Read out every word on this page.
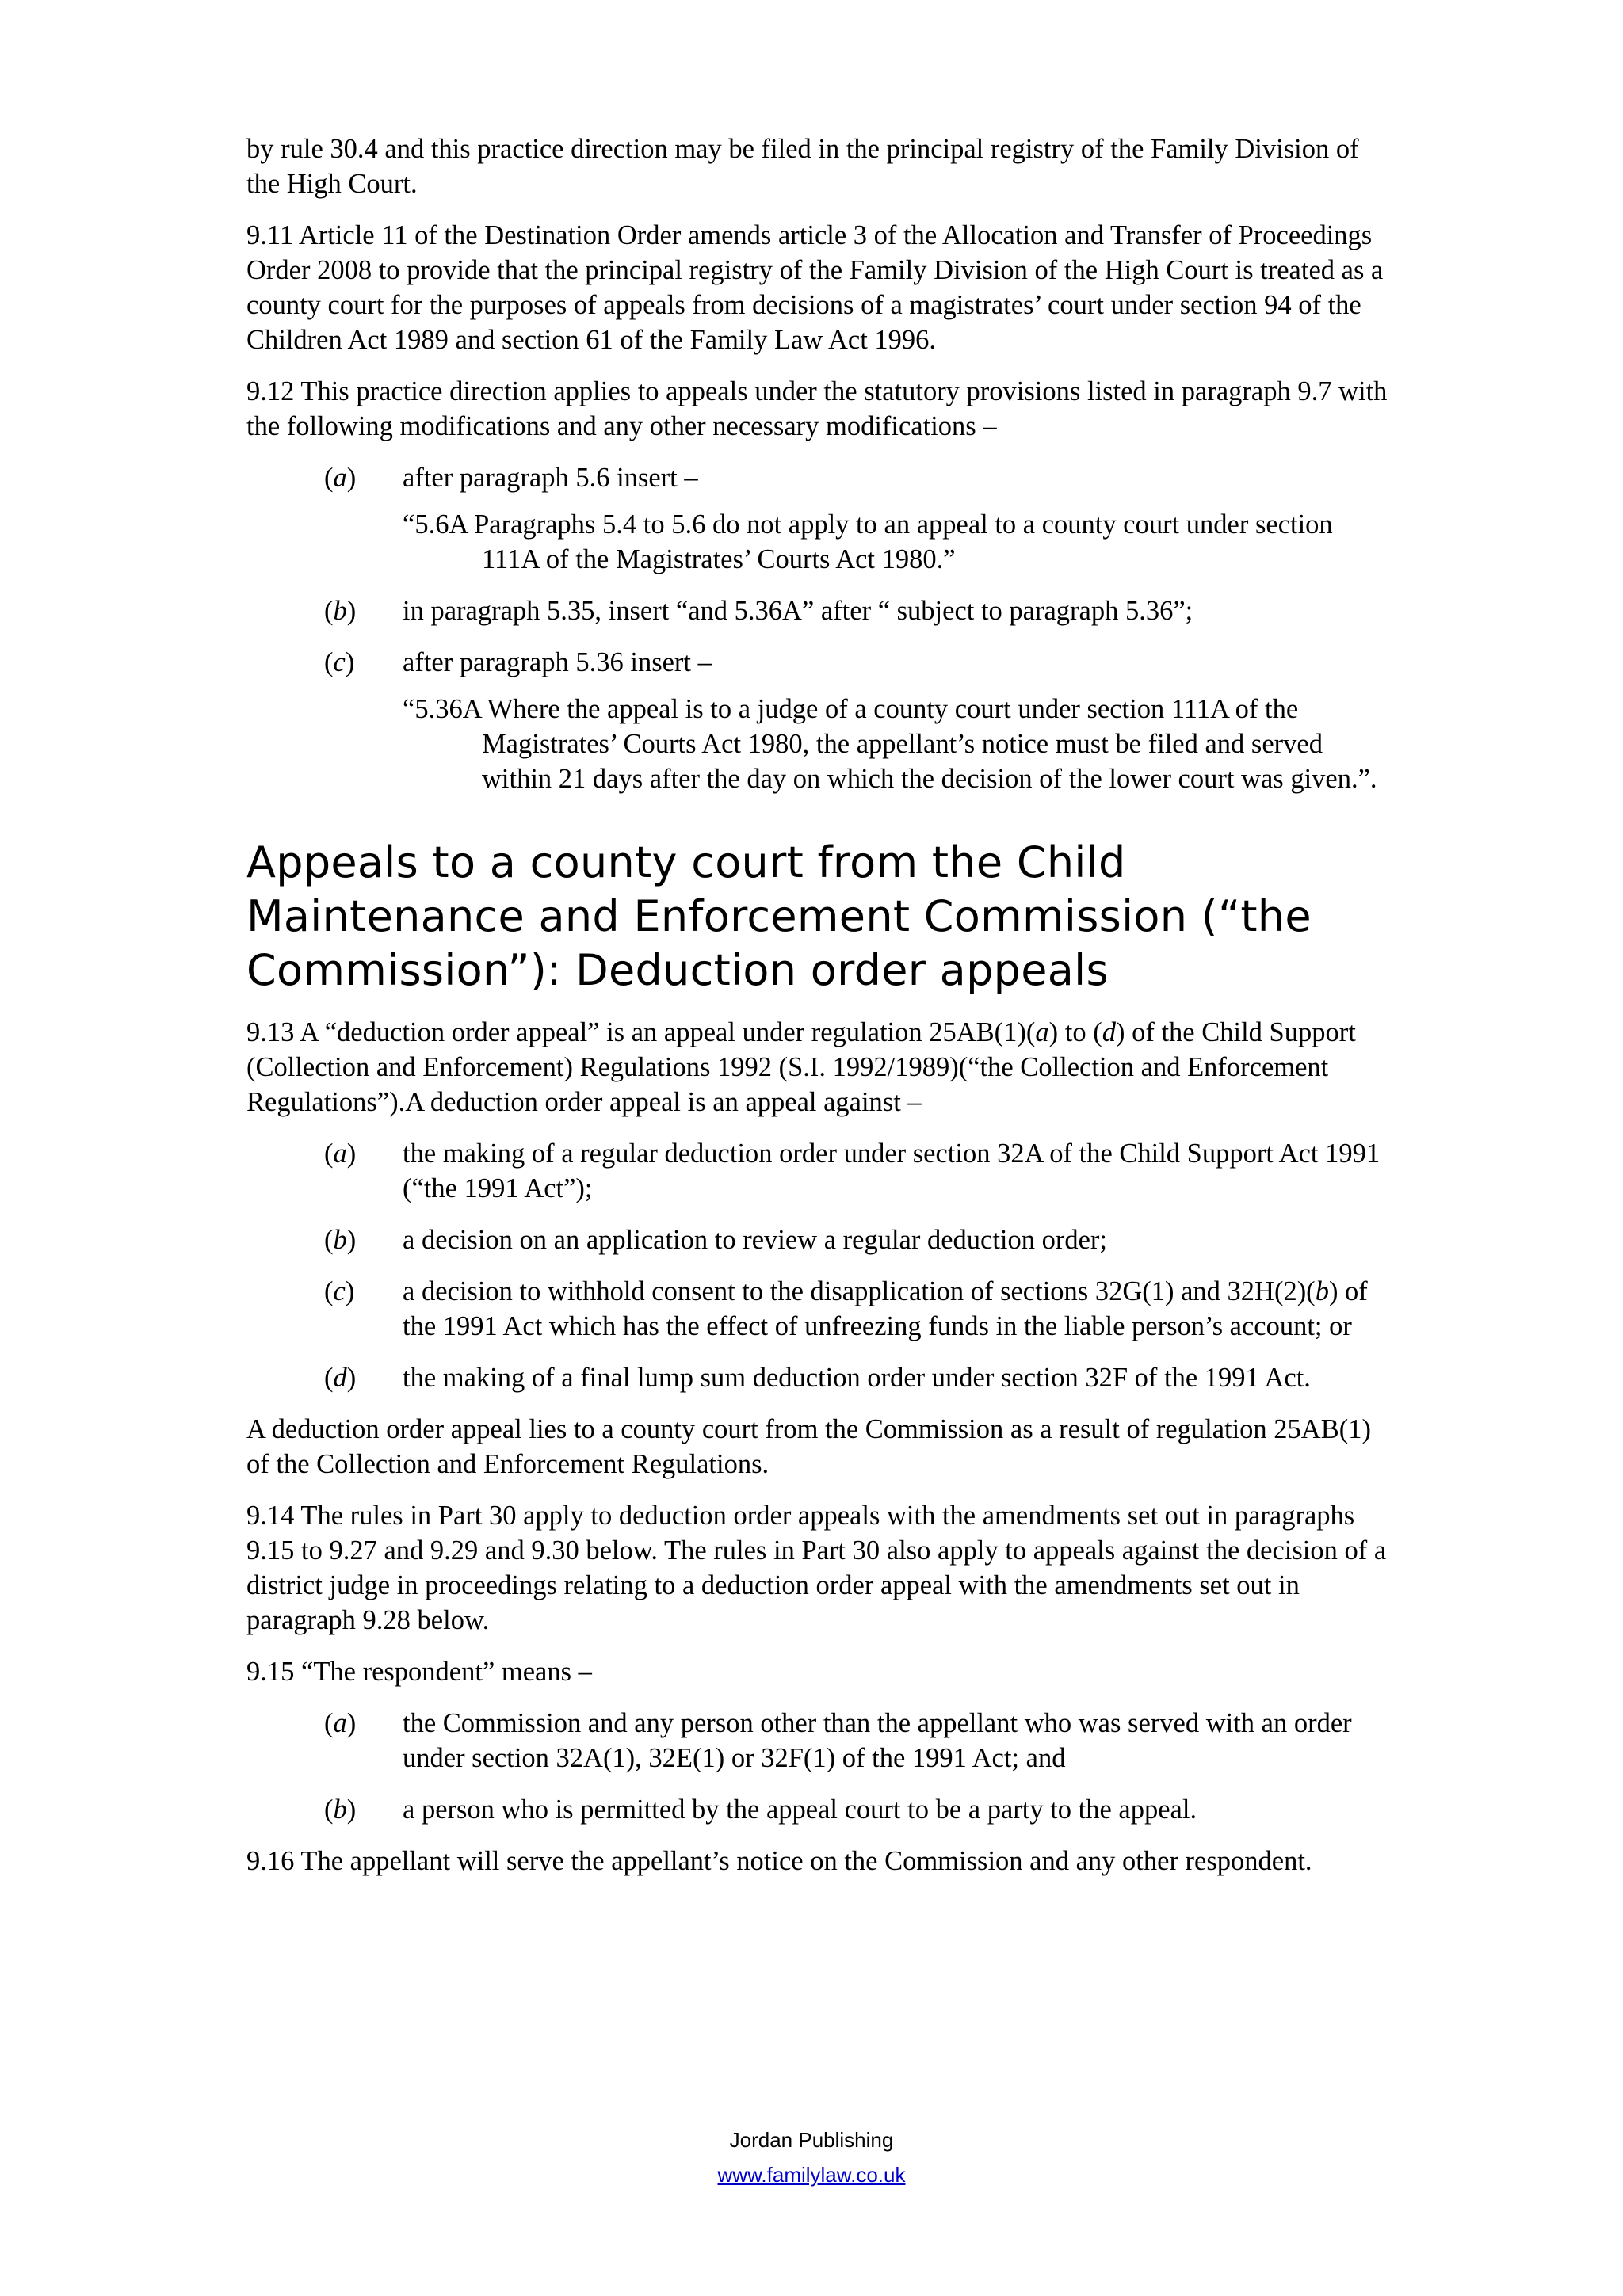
by rule 30.4 and this practice direction may be filed in the principal registry of the Family Division of the High Court.

9.11 Article 11 of the Destination Order amends article 3 of the Allocation and Transfer of Proceedings Order 2008 to provide that the principal registry of the Family Division of the High Court is treated as a county court for the purposes of appeals from decisions of a magistrates’ court under section 94 of the Children Act 1989 and section 61 of the Family Law Act 1996.

9.12 This practice direction applies to appeals under the statutory provisions listed in paragraph 9.7 with the following modifications and any other necessary modifications –

(a) after paragraph 5.6 insert –
“5.6A Paragraphs 5.4 to 5.6 do not apply to an appeal to a county court under section 111A of the Magistrates’ Courts Act 1980.”
(b) in paragraph 5.35, insert “and 5.36A” after “ subject to paragraph 5.36”;
(c) after paragraph 5.36 insert –
“5.36A Where the appeal is to a judge of a county court under section 111A of the Magistrates’ Courts Act 1980, the appellant’s notice must be filed and served within 21 days after the day on which the decision of the lower court was given.”.
Appeals to a county court from the Child Maintenance and Enforcement Commission (“the Commission”): Deduction order appeals

9.13 A “deduction order appeal” is an appeal under regulation 25AB(1)(a) to (d) of the Child Support (Collection and Enforcement) Regulations 1992 (S.I. 1992/1989)(“the Collection and Enforcement Regulations”).A deduction order appeal is an appeal against –

(a) the making of a regular deduction order under section 32A of the Child Support Act 1991 (“the 1991 Act”);
(b) a decision on an application to review a regular deduction order;
(c) a decision to withhold consent to the disapplication of sections 32G(1) and 32H(2)(b) of the 1991 Act which has the effect of unfreezing funds in the liable person’s account; or
(d) the making of a final lump sum deduction order under section 32F of the 1991 Act.

A deduction order appeal lies to a county court from the Commission as a result of regulation 25AB(1) of the Collection and Enforcement Regulations.

9.14 The rules in Part 30 apply to deduction order appeals with the amendments set out in paragraphs 9.15 to 9.27 and 9.29 and 9.30 below. The rules in Part 30 also apply to appeals against the decision of a district judge in proceedings relating to a deduction order appeal with the amendments set out in paragraph 9.28 below.

9.15 “The respondent” means –

(a) the Commission and any person other than the appellant who was served with an order under section 32A(1), 32E(1) or 32F(1) of the 1991 Act; and
(b) a person who is permitted by the appeal court to be a party to the appeal.

9.16 The appellant will serve the appellant’s notice on the Commission and any other respondent.

Jordan Publishing
www.familylaw.co.uk
